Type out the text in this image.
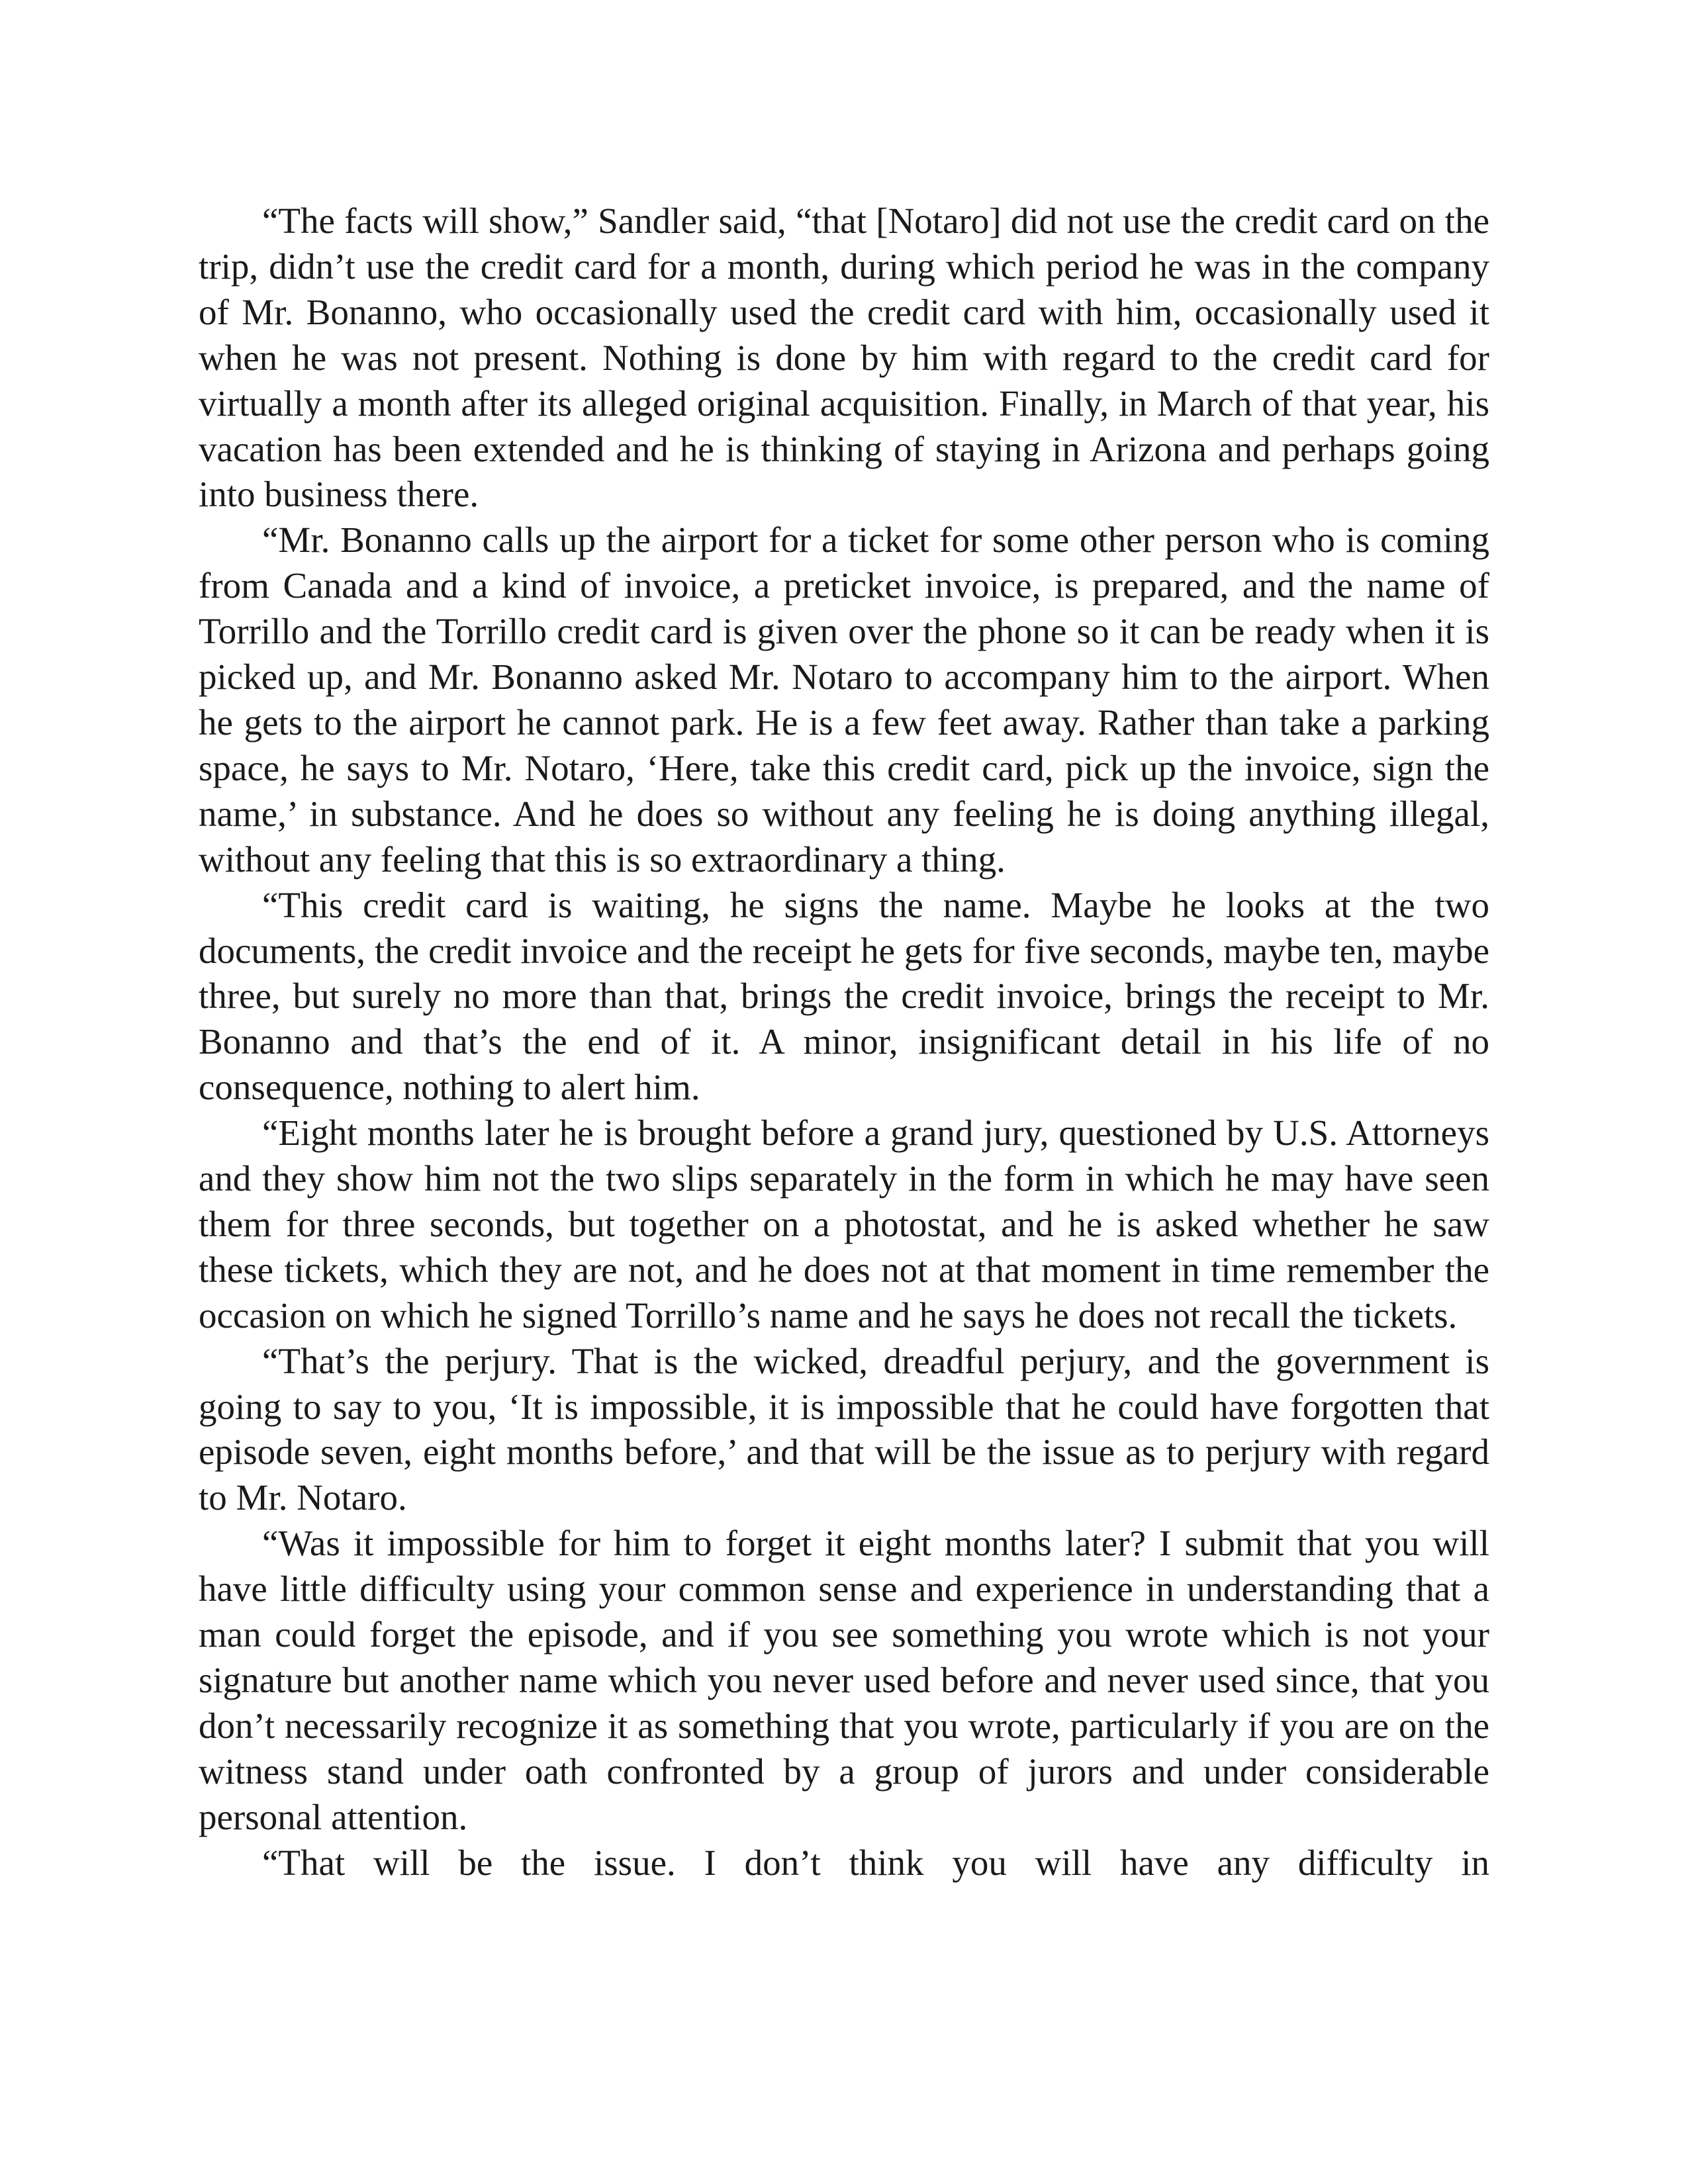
“The facts will show,” Sandler said, “that [Notaro] did not use the credit card on the trip, didn’t use the credit card for a month, during which period he was in the company of Mr. Bonanno, who occasionally used the credit card with him, occasionally used it when he was not present. Nothing is done by him with regard to the credit card for virtually a month after its alleged original acquisition. Finally, in March of that year, his vacation has been extended and he is thinking of staying in Arizona and perhaps going into business there.

“Mr. Bonanno calls up the airport for a ticket for some other person who is coming from Canada and a kind of invoice, a preticket invoice, is prepared, and the name of Torrillo and the Torrillo credit card is given over the phone so it can be ready when it is picked up, and Mr. Bonanno asked Mr. Notaro to accompany him to the airport. When he gets to the airport he cannot park. He is a few feet away. Rather than take a parking space, he says to Mr. Notaro, ‘Here, take this credit card, pick up the invoice, sign the name,’ in substance. And he does so without any feeling he is doing anything illegal, without any feeling that this is so extraordinary a thing.

“This credit card is waiting, he signs the name. Maybe he looks at the two documents, the credit invoice and the receipt he gets for five seconds, maybe ten, maybe three, but surely no more than that, brings the credit invoice, brings the receipt to Mr. Bonanno and that’s the end of it. A minor, insignificant detail in his life of no consequence, nothing to alert him.

“Eight months later he is brought before a grand jury, questioned by U.S. Attorneys and they show him not the two slips separately in the form in which he may have seen them for three seconds, but together on a photostat, and he is asked whether he saw these tickets, which they are not, and he does not at that moment in time remember the occasion on which he signed Torrillo’s name and he says he does not recall the tickets.

“That’s the perjury. That is the wicked, dreadful perjury, and the government is going to say to you, ‘It is impossible, it is impossible that he could have forgotten that episode seven, eight months before,’ and that will be the issue as to perjury with regard to Mr. Notaro.

“Was it impossible for him to forget it eight months later? I submit that you will have little difficulty using your common sense and experience in understanding that a man could forget the episode, and if you see something you wrote which is not your signature but another name which you never used before and never used since, that you don’t necessarily recognize it as something that you wrote, particularly if you are on the witness stand under oath confronted by a group of jurors and under considerable personal attention.

“That will be the issue. I don’t think you will have any difficulty in
